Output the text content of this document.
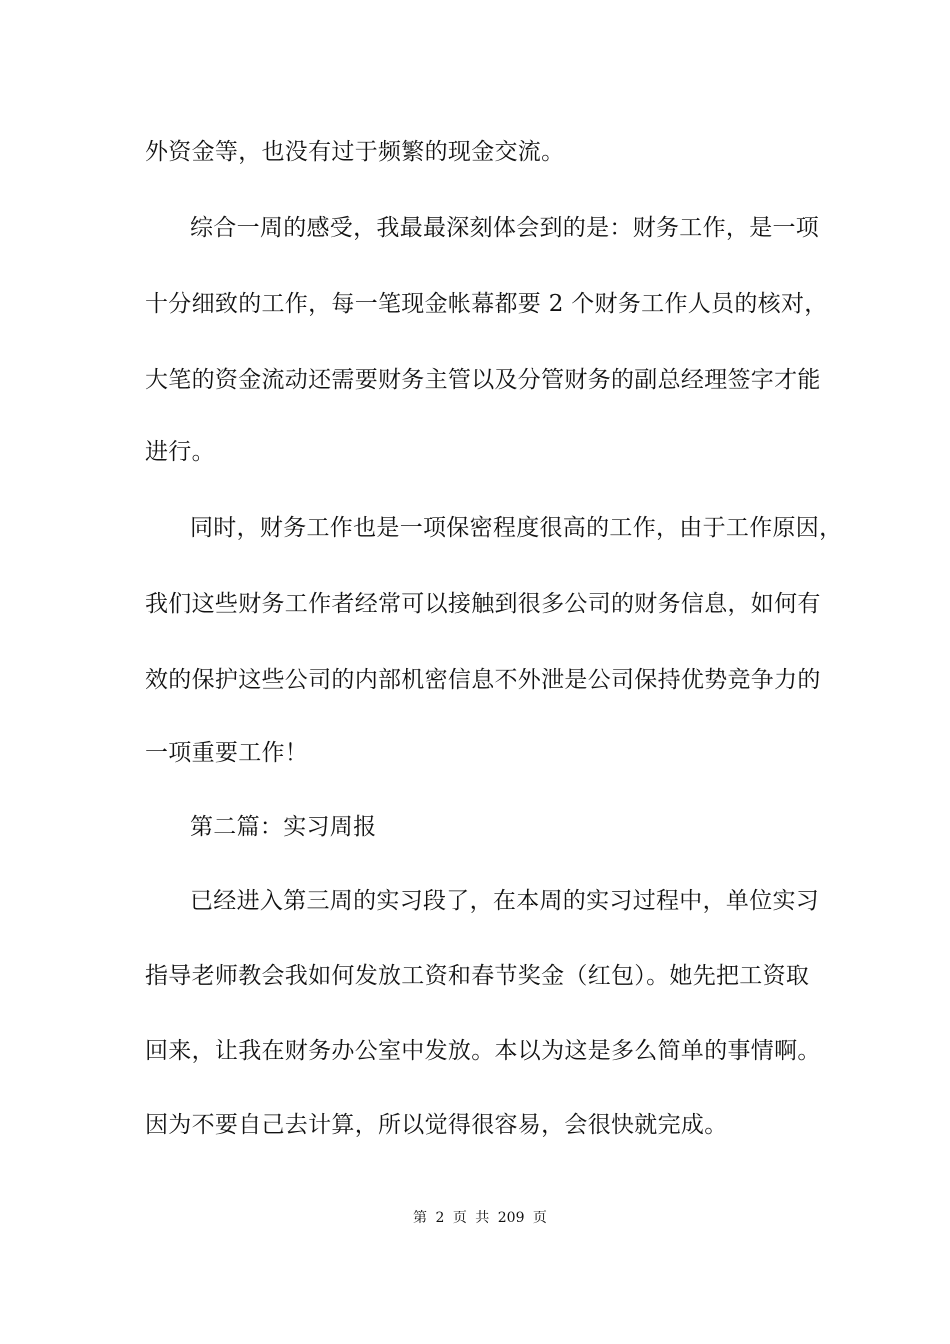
外资金等，也没有过于频繁的现金交流。
综合一周的感受，我最最深刻体会到的是：财务工作，是一项
十分细致的工作，每一笔现金帐幕都要 2 个财务工作人员的核对，
大笔的资金流动还需要财务主管以及分管财务的副总经理签字才能
进行。
同时，财务工作也是一项保密程度很高的工作，由于工作原因，
我们这些财务工作者经常可以接触到很多公司的财务信息，如何有
效的保护这些公司的内部机密信息不外泄是公司保持优势竞争力的
一项重要工作！
第二篇：实习周报
已经进入第三周的实习段了，在本周的实习过程中，单位实习
指导老师教会我如何发放工资和春节奖金（红包）。她先把工资取
回来，让我在财务办公室中发放。本以为这是多么简单的事情啊。
因为不要自己去计算，所以觉得很容易，会很快就完成。
第 2 页 共 209 页
